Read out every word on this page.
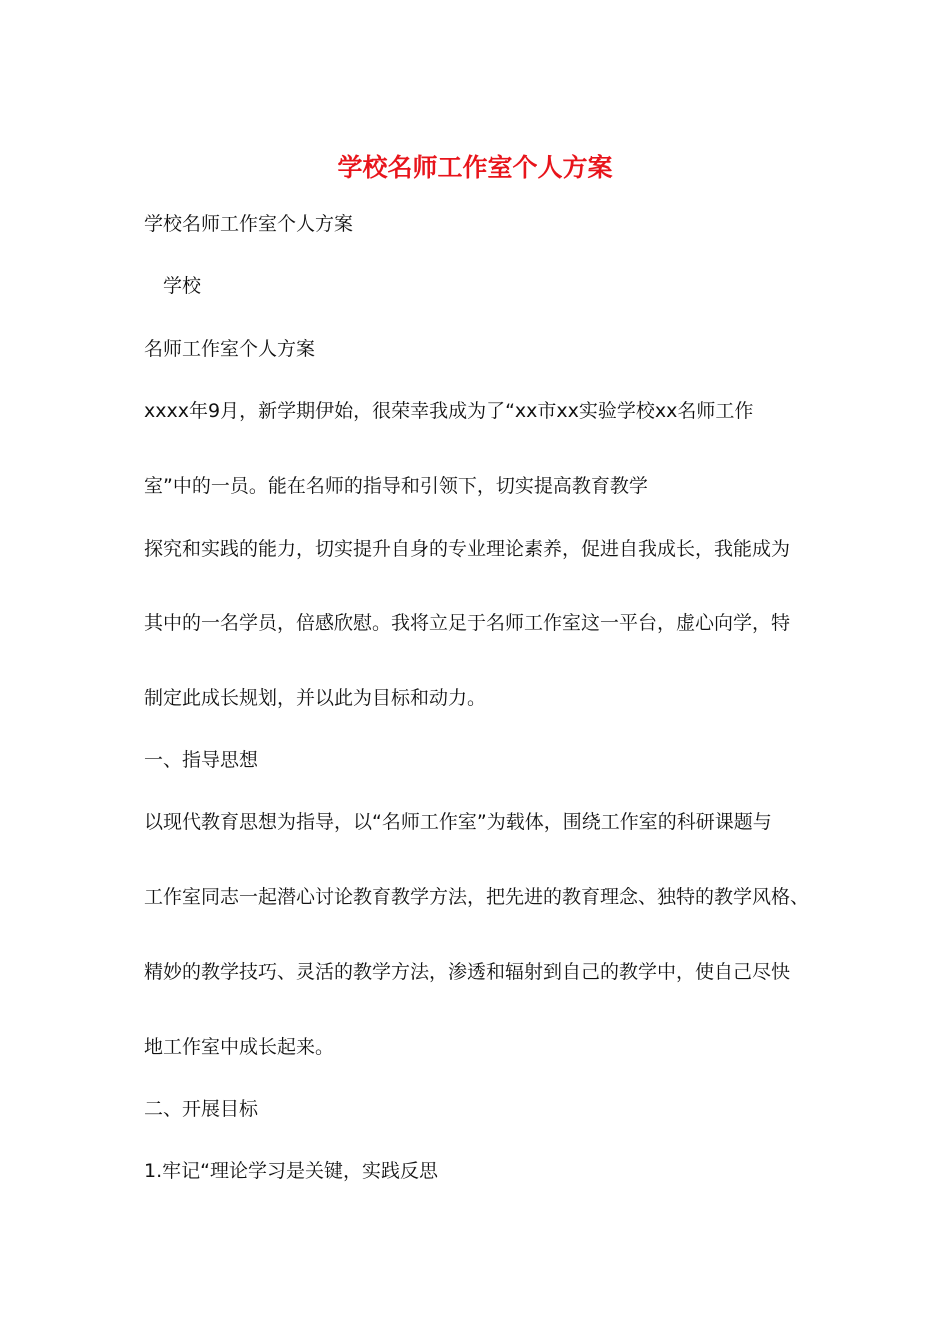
学校名师工作室个人方案
学校名师工作室个人方案
　学校
名师工作室个人方案
xxxx年9月，新学期伊始，很荣幸我成为了“xx市xx实验学校xx名师工作
室”中的一员。能在名师的指导和引领下，切实提高教育教学
探究和实践的能力，切实提升自身的专业理论素养，促进自我成长，我能成为
其中的一名学员，倍感欣慰。我将立足于名师工作室这一平台，虚心向学，特
制定此成长规划，并以此为目标和动力。
一、指导思想
以现代教育思想为指导，以“名师工作室”为载体，围绕工作室的科研课题与
工作室同志一起潜心讨论教育教学方法，把先进的教育理念、独特的教学风格、
精妙的教学技巧、灵活的教学方法，渗透和辐射到自己的教学中，使自己尽快
地工作室中成长起来。
二、开展目标
1.牢记“理论学习是关键，实践反思
